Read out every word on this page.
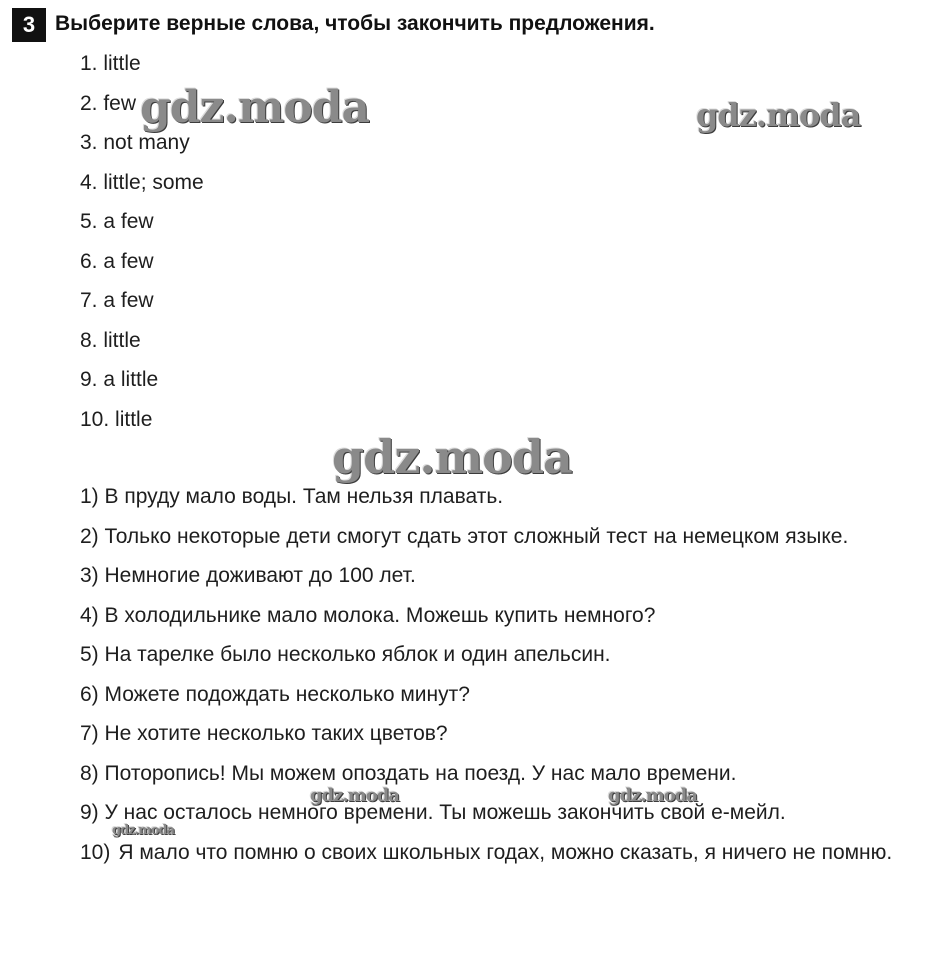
3 Выберите верные слова, чтобы закончить предложения.
1. little
2. few
3. not many
4. little; some
5. a few
6. a few
7. a few
8. little
9. a little
10. little
1) В пруду мало воды. Там нельзя плавать.
2) Только некоторые дети смогут сдать этот сложный тест на немецком языке.
3) Немногие доживают до 100 лет.
4) В холодильнике мало молока. Можешь купить немного?
5) На тарелке было несколько яблок и один апельсин.
6) Можете подождать несколько минут?
7) Не хотите несколько таких цветов?
8) Поторопись! Мы можем опоздать на поезд. У нас мало времени.
9) У нас осталось немного времени. Ты можешь закончить свой е-мейл.
10) Я мало что помню о своих школьных годах, можно сказать, я ничего не помню.
gdz.moda	gdz.moda
gdz.moda
gdz.moda	gdz.moda
gdz.moda
